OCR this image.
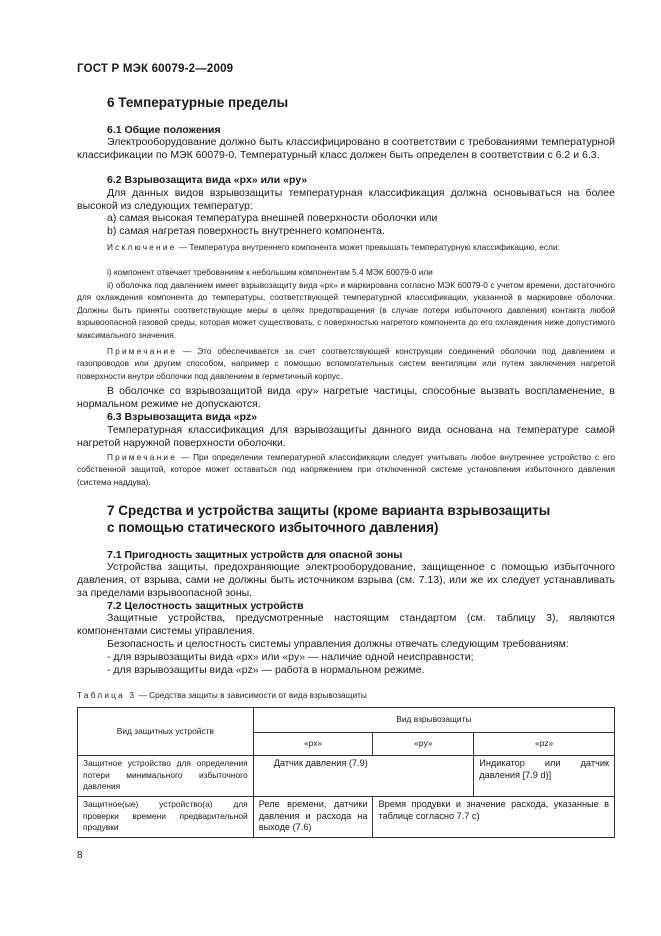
ГОСТ Р МЭК 60079-2—2009
6 Температурные пределы
6.1 Общие положения
Электрооборудование должно быть классифицировано в соответствии с требованиями температурной классификации по МЭК 60079-0. Температурный класс должен быть определен в соответствии с 6.2 и 6.3.
6.2 Взрывозащита вида «px» или «py»
Для данных видов взрывозащиты температурная классификация должна основываться на более высокой из следующих температур:
а) самая высокая температура внешней поверхности оболочки или
b) самая нагретая поверхность внутреннего компонента.
Исключение — Температура внутреннего компонента может превышать температурную классификацию, если:
i) компонент отвечает требованиям к небольшим компонентам 5.4 МЭК 60079-0 или
ii) оболочка под давлением имеет взрывозащиту вида «px» и маркирована согласно МЭК 60079-0 с учетом времени, достаточного для охлаждения компонента до температуры, соответствующей температурной классификации, указанной в маркировке оболочки. Должны быть приняты соответствующие меры в целях предотвращения (в случае потери избыточного давления) контакта любой взрывоопасной газовой среды, которая может существовать, с поверхностью нагретого компонента до его охлаждения ниже допустимого максимального значения.
Примечание — Это обеспечивается за счет соответствующей конструкции соединений оболочки под давлением и газопроводов или другим способом, например с помощью вспомогательных систем вентиляции или путем заключения нагретой поверхности внутри оболочки под давлением в герметичный корпус.
В оболочке со взрывозащитой вида «py» нагретые частицы, способные вызвать воспламенение, в нормальном режиме не допускаются.
6.3 Взрывозащита вида «pz»
Температурная классификация для взрывозащиты данного вида основана на температуре самой нагретой наружной поверхности оболочки.
Примечание — При определении температурной классификации следует учитывать любое внутреннее устройство с его собственной защитой, которое может оставаться под напряжением при отключенной системе установления избыточного давления (система наддува).
7 Средства и устройства защиты (кроме варианта взрывозащиты
с помощью статического избыточного давления)
7.1 Пригодность защитных устройств для опасной зоны
Устройства защиты, предохраняющие электрооборудование, защищенное с помощью избыточного давления, от взрыва, сами не должны быть источником взрыва (см. 7.13), или же их следует устанавливать за пределами взрывоопасной зоны.
7.2 Целостность защитных устройств
Защитные устройства, предусмотренные настоящим стандартом (см. таблицу 3), являются компонентами системы управления.
Безопасность и целостность системы управления должны отвечать следующим требованиям:
- для взрывозащиты вида «px» или «py» — наличие одной неисправности;
- для взрывозащиты вида «pz» — работа в нормальном режиме.
Таблица 3 — Средства защиты в зависимости от вида взрывозащиты
Вид защитных устройств	Вид взрывозащиты		
	«px»	«py»	«pz»
Защитное устройство для определения потери минимального избыточного давления	Датчик давления (7.9)		Индикатор или датчик давления [7.9 d)]
Защитное(ые) устройство(а) для проверки времени предварительной продувки	Реле времени, датчики давления и расхода на выходе (7.6)	Время продувки и значение расхода, указанные в таблице согласно 7.7 с)	
8
